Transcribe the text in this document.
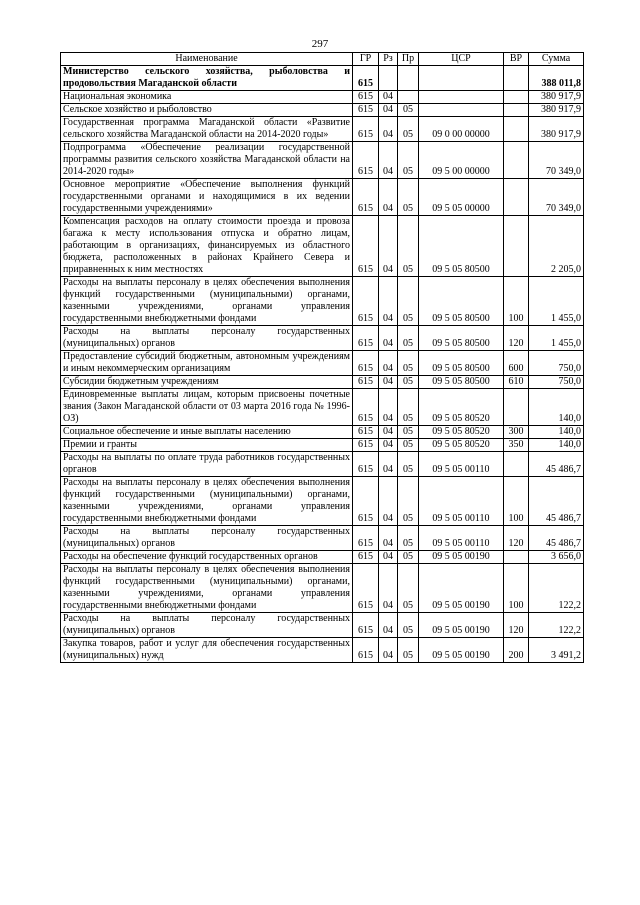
297
Наименование	ГР	Рз	Пр	ЦСР	ВР	Сумма
Министерство сельского хозяйства, рыболовства и продовольствия Магаданской области	615					388 011,8
Национальная экономика	615	04				380 917,9
Сельское хозяйство и рыболовство	615	04	05			380 917,9
Государственная программа Магаданской области «Развитие сельского хозяйства Магаданской области на 2014-2020 годы»	615	04	05	09 0 00 00000		380 917,9
Подпрограмма «Обеспечение реализации государственной программы развития сельского хозяйства Магаданской области на 2014-2020 годы»	615	04	05	09 5 00 00000		70 349,0
Основное мероприятие «Обеспечение выполнения функций государственными органами и находящимися в их ведении государственными учреждениями»	615	04	05	09 5 05 00000		70 349,0
Компенсация расходов на оплату стоимости проезда и провоза багажа к месту использования отпуска и обратно лицам, работающим в организациях, финансируемых из областного бюджета, расположенных в районах Крайнего Севера и приравненных к ним местностях	615	04	05	09 5 05 80500		2 205,0
Расходы на выплаты персоналу в целях обеспечения выполнения функций государственными (муниципальными) органами, казенными учреждениями, органами управления государственными внебюджетными фондами	615	04	05	09 5 05 80500	100	1 455,0
Расходы на выплаты персоналу государственных (муниципальных) органов	615	04	05	09 5 05 80500	120	1 455,0
Предоставление субсидий бюджетным, автономным учреждениям и иным некоммерческим организациям	615	04	05	09 5 05 80500	600	750,0
Субсидии бюджетным учреждениям	615	04	05	09 5 05 80500	610	750,0
Единовременные выплаты лицам, которым присвоены почетные звания (Закон Магаданской области от 03 марта 2016 года № 1996-ОЗ)	615	04	05	09 5 05 80520		140,0
Социальное обеспечение и иные выплаты населению	615	04	05	09 5 05 80520	300	140,0
Премии и гранты	615	04	05	09 5 05 80520	350	140,0
Расходы на выплаты по оплате труда работников государственных органов	615	04	05	09 5 05 00110		45 486,7
Расходы на выплаты персоналу в целях обеспечения выполнения функций государственными (муниципальными) органами, казенными учреждениями, органами управления государственными внебюджетными фондами	615	04	05	09 5 05 00110	100	45 486,7
Расходы на выплаты персоналу государственных (муниципальных) органов	615	04	05	09 5 05 00110	120	45 486,7
Расходы на обеспечение функций государственных органов	615	04	05	09 5 05 00190		3 656,0
Расходы на выплаты персоналу в целях обеспечения выполнения функций государственными (муниципальными) органами, казенными учреждениями, органами управления государственными внебюджетными фондами	615	04	05	09 5 05 00190	100	122,2
Расходы на выплаты персоналу государственных (муниципальных) органов	615	04	05	09 5 05 00190	120	122,2
Закупка товаров, работ и услуг для обеспечения государственных (муниципальных) нужд	615	04	05	09 5 05 00190	200	3 491,2
